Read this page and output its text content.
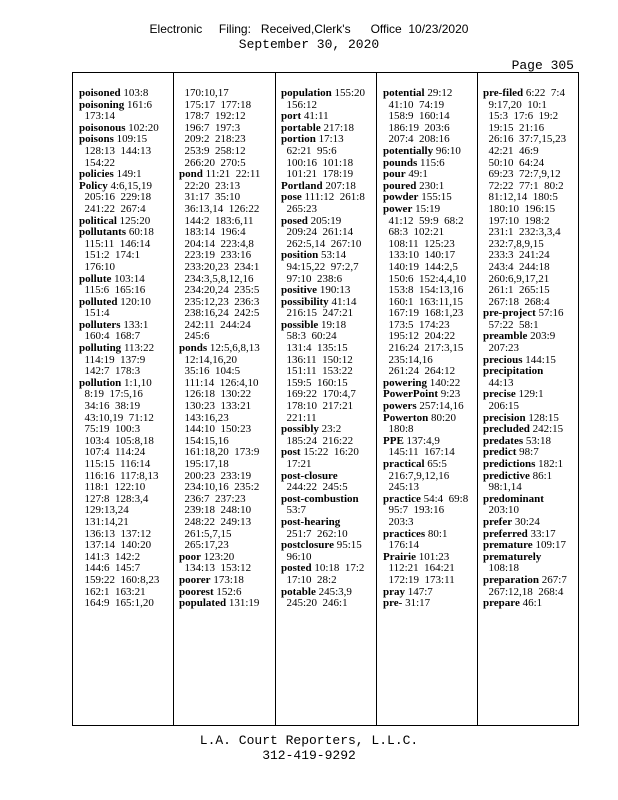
Electronic     Filing:   Received,Clerk's      Office  10/23/2020
September 30, 2020
Page 305
poisoned 103:8
poisoning 161:6
173:14
poisonous 102:20
poisons 109:15
128:13  144:13
154:22
policies 149:1
Policy 4:6,15,19
205:16  229:18
241:22  267:4
political 125:20
pollutants 60:18
115:11  146:14
151:2  174:1
176:10
pollute 103:14
115:6  165:16
polluted 120:10
151:4
polluters 133:1
160:4  168:7
polluting 113:22
114:19  137:9
142:7  178:3
pollution 1:1,10
8:19  17:5,16
34:16  38:19
43:10,19  71:12
75:19  100:3
103:4  105:8,18
107:4  114:24
115:15  116:14
116:16  117:8,13
118:1  122:10
127:8  128:3,4
129:13,24
131:14,21
136:13  137:12
137:14  140:20
141:3  142:2
144:6  145:7
159:22  160:8,23
162:1  163:21
164:9  165:1,20
170:10,17
175:17  177:18
178:7  192:12
196:7  197:3
209:2  218:23
253:9  258:12
266:20  270:5
pond 11:21  22:11
22:20  23:13
31:17  35:10
36:13,14  126:22
144:2  183:6,11
183:14  196:4
204:14  223:4,8
223:19  233:16
233:20,23  234:1
234:3,5,8,12,16
234:20,24  235:5
235:12,23  236:3
238:16,24  242:5
242:11  244:24
245:6
ponds 12:5,6,8,13
12:14,16,20
35:16  104:5
111:14  126:4,10
126:18  130:22
130:23  133:21
143:16,23
144:10  150:23
154:15,16
161:18,20  173:9
195:17,18
200:23  233:19
234:10,16  235:2
236:7  237:23
239:18  248:10
248:22  249:13
261:5,7,15
265:17,23
poor 123:20
134:13  153:12
poorer 173:18
poorest 152:6
populated 131:19
population 155:20
156:12
port 41:11
portable 217:18
portion 17:13
62:21  95:6
100:16  101:18
101:21  178:19
Portland 207:18
pose 111:12  261:8
265:23
posed 205:19
209:24  261:14
262:5,14  267:10
position 53:14
94:15,22  97:2,7
97:10  238:6
positive 190:13
possibility 41:14
216:15  247:21
possible 19:18
58:3  60:24
131:4  135:15
136:11  150:12
151:11  153:22
159:5  160:15
169:22  170:4,7
178:10  217:21
221:11
possibly 23:2
185:24  216:22
post 15:22  16:20
17:21
post-closure
244:22  245:5
post-combustion
53:7
post-hearing
251:7  262:10
postclosure 95:15
96:10
posted 10:18  17:2
17:10  28:2
potable 245:3,9
245:20  246:1
potential 29:12
41:10  74:19
158:9  160:14
186:19  203:6
207:4  208:16
potentially 96:10
pounds 115:6
pour 49:1
poured 230:1
powder 155:15
power 15:19
41:12  59:9  68:2
68:3  102:21
108:11  125:23
133:10  140:17
140:19  144:2,5
150:6  152:4,4,10
153:8  154:13,16
160:1  163:11,15
167:19  168:1,23
173:5  174:23
195:12  204:22
216:24  217:3,15
235:14,16
261:24  264:12
powering 140:22
PowerPoint 9:23
powers 257:14,16
Powerton 80:20
180:8
PPE 137:4,9
145:11  167:14
practical 65:5
216:7,9,12,16
245:13
practice 54:4  69:8
95:7  193:16
203:3
practices 80:1
176:14
Prairie 101:23
112:21  164:21
172:19  173:11
pray 147:7
pre- 31:17
pre-filed 6:22  7:4
9:17,20  10:1
15:3  17:6  19:2
19:15  21:16
26:16  37:7,15,23
42:21  46:9
50:10  64:24
69:23  72:7,9,12
72:22  77:1  80:2
81:12,14  180:5
180:10  196:15
197:10  198:2
231:1  232:3,3,4
232:7,8,9,15
233:3  241:24
243:4  244:18
260:6,9,17,21
261:1  265:15
267:18  268:4
pre-project 57:16
57:22  58:1
preamble 203:9
207:23
precious 144:15
precipitation
44:13
precise 129:1
206:15
precision 128:15
precluded 242:15
predates 53:18
predict 98:7
predictions 182:1
predictive 86:1
98:1,14
predominant
203:10
prefer 30:24
preferred 33:17
premature 109:17
prematurely
108:18
preparation 267:7
267:12,18  268:4
prepare 46:1
L.A. Court Reporters, L.L.C.
312-419-9292
